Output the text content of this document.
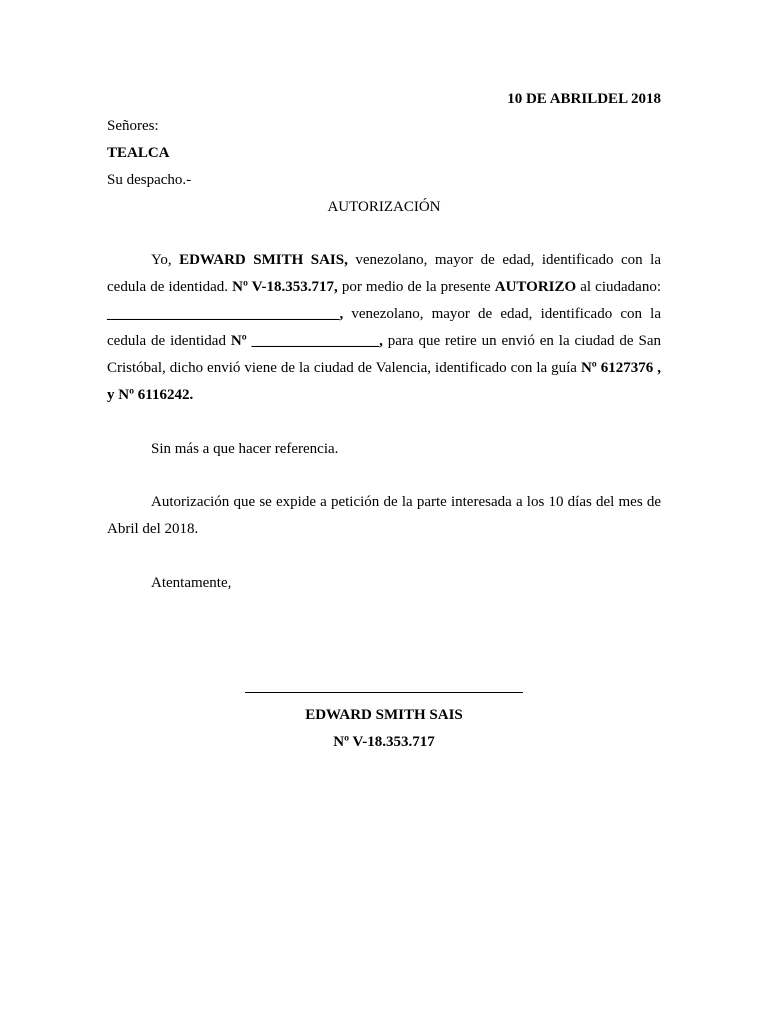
10 DE ABRILDEL 2018
Señores:
TEALCA
Su despacho.-
AUTORIZACIÓN
Yo, EDWARD SMITH SAIS, venezolano, mayor de edad, identificado con la cedula de identidad. Nº V-18.353.717, por medio de la presente AUTORIZO al ciudadano: _______________________________, venezolano, mayor de edad, identificado con la cedula de identidad Nº _________________, para que retire un envió en la ciudad de San Cristóbal, dicho envió viene de la ciudad de Valencia, identificado con la guía Nº 6127376 , y Nº 6116242.
Sin más a que hacer referencia.
Autorización que se expide a petición de la parte interesada a los 10 días del mes de Abril del 2018.
Atentamente,
EDWARD SMITH SAIS
Nº V-18.353.717
